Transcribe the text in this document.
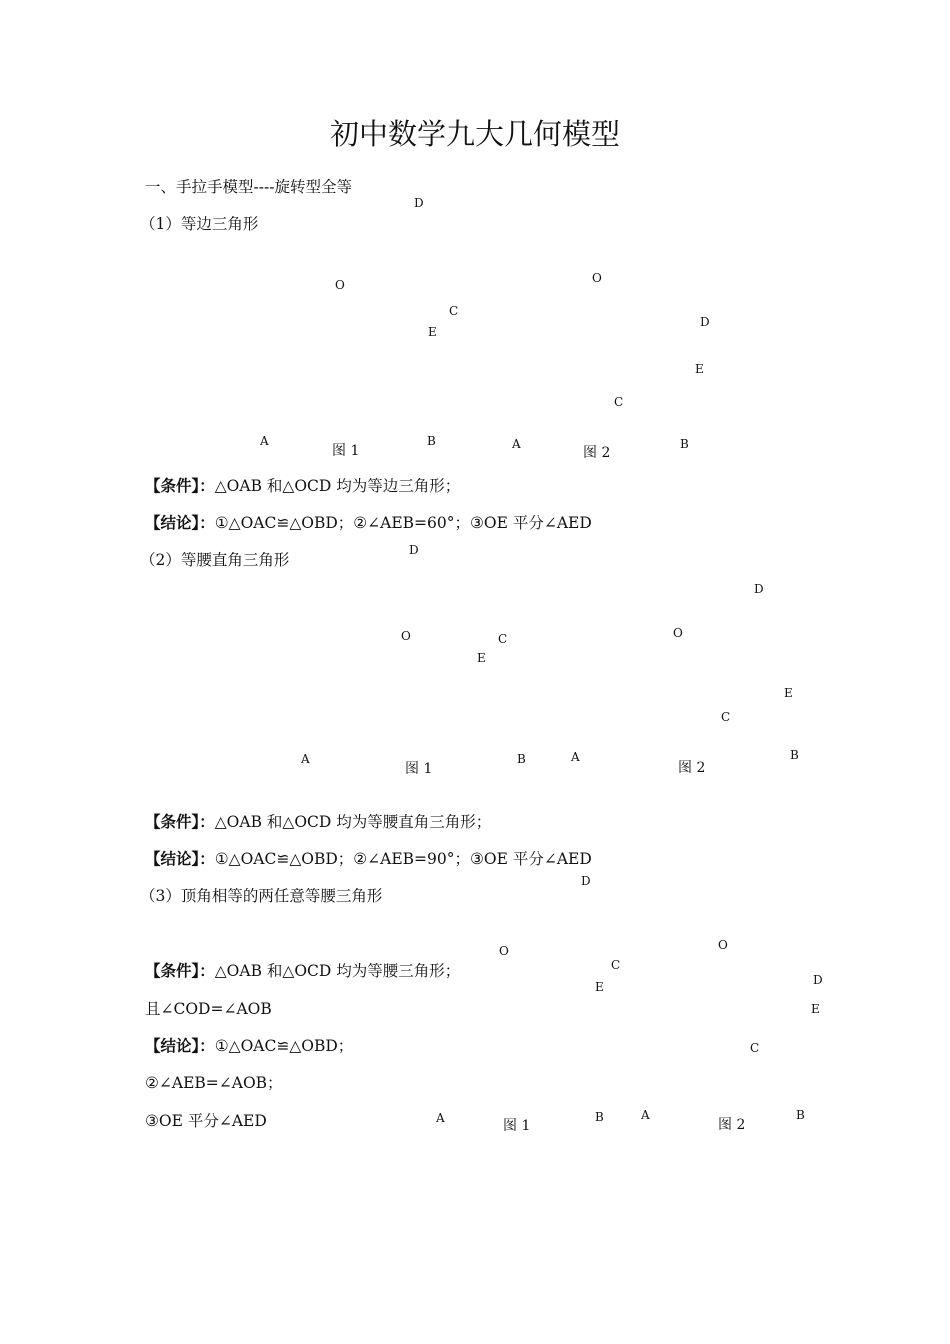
初中数学九大几何模型
一、手拉手模型----旋转型全等
（1）等边三角形
D
O	O
C
E
D
E
C
A
图 1
B	A
图 2
B
【条件】：△OAB 和△OCD 均为等边三角形；
【结论】：①△OAC≌△OBD；②∠AEB=60°；③OE 平分∠AED
（2）等腰直角三角形
D
D
O	C	O
E
E
C
A
图 1
B	A
图 2
B
【条件】：△OAB 和△OCD 均为等腰直角三角形；
【结论】：①△OAC≌△OBD；②∠AEB=90°；③OE 平分∠AED
（3）顶角相等的两任意等腰三角形
D
O
O
C
D
E
E
C
A	图 1
B	A
图 2
B
【条件】：△OAB 和△OCD 均为等腰三角形；
且∠COD=∠AOB
【结论】：①△OAC≌△OBD；
②∠AEB=∠AOB；
③OE 平分∠AED
